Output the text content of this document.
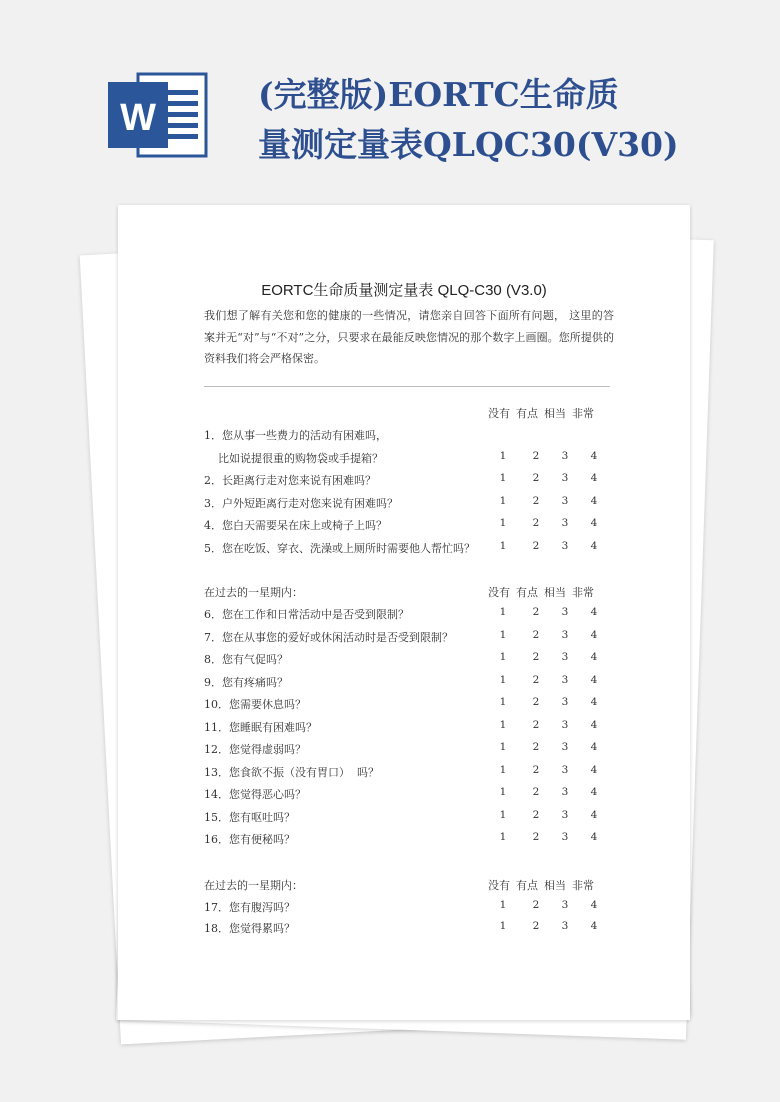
W
(完整版)EORTC生命质
量测定量表QLQC30(V30)
EORTC生命质量测定量表 QLQ-C30 (V3.0)
我们想了解有关您和您的健康的一些情况，请您亲自回答下面所有问题， 这里的答案并无“对”与“不对”之分，只要求在最能反映您情况的那个数字上画圈。您所提供的资料我们将会严格保密。
没有 有点 相当 非常
1．您从事一些费力的活动有困难吗，
比如说提很重的购物袋或手提箱？	1	2 3 4
2．长距离行走对您来说有困难吗？	1	2 3 4
3．户外短距离行走对您来说有困难吗？	1	2 3 4
4．您白天需要呆在床上或椅子上吗？	1	2 3 4
5．您在吃饭、穿衣、洗澡或上厕所时需要他人帮忙吗？ 1	2 3 4
没有 有点 相当 非常
在过去的一星期内：
6．您在工作和日常活动中是否受到限制？	1	2 3 4
7．您在从事您的爱好或休闲活动时是否受到限制？	1	2 3 4
8．您有气促吗？	1	2 3 4
9．您有疼痛吗？	1	2 3 4
10．您需要休息吗？	1	2 3 4
11．您睡眠有困难吗？	1	2 3 4
12．您觉得虚弱吗？	1	2 3 4
13．您食欲不振（没有胃口）  吗？	1	2 3 4
14．您觉得恶心吗？	1	2 3 4
15．您有呕吐吗？	1	2 3 4
16．您有便秘吗？	1	2 3 4
没有 有点 相当 非常
在过去的一星期内：
17．您有腹泻吗？	1	2 3 4
18．您觉得累吗？	1	2 3 4
